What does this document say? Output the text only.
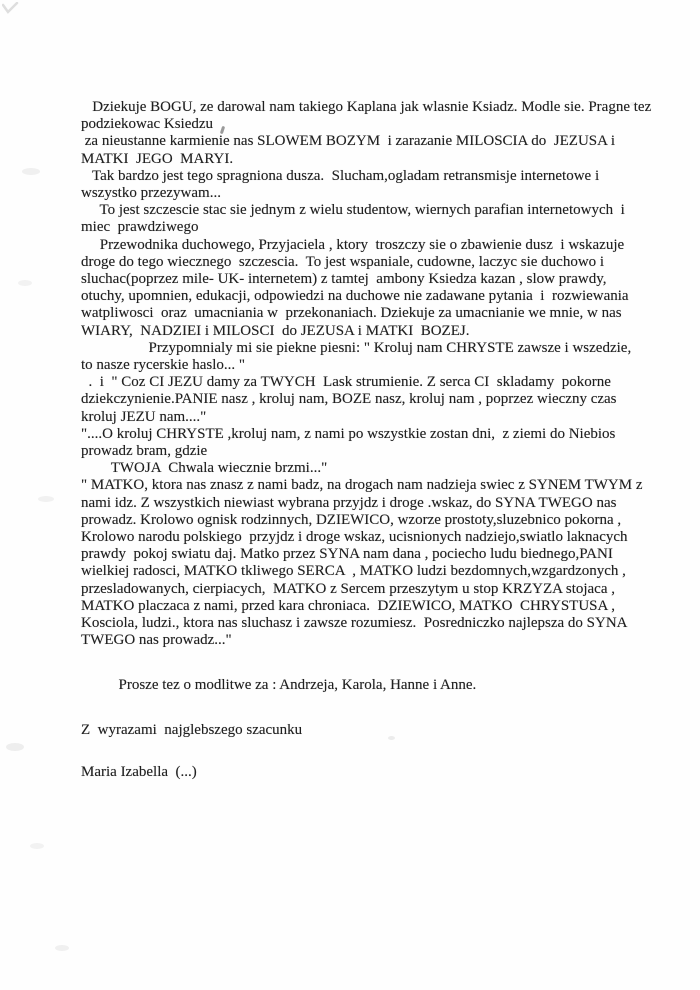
Dziekuje BOGU, ze darowal nam takiego Kaplana jak wlasnie Ksiadz. Modle sie. Pragne tez
podziekowac Ksiedzu
za nieustanne karmienie nas SLOWEM BOZYM  i zarazanie MILOSCIA do  JEZUSA i
MATKI  JEGO  MARYI.
Tak bardzo jest tego spragniona dusza.  Slucham,ogladam retransmisje internetowe i
wszystko przezywam...
To jest szczescie stac sie jednym z wielu studentow, wiernych parafian internetowych  i
miec  prawdziwego
Przewodnika duchowego, Przyjaciela , ktory  troszczy sie o zbawienie dusz  i wskazuje
droge do tego wiecznego  szczescia.  To jest wspaniale, cudowne, laczyc sie duchowo i
sluchac(poprzez mile- UK- internetem) z tamtej  ambony Ksiedza kazan , slow prawdy,
otuchy, upomnien, edukacji, odpowiedzi na duchowe nie zadawane pytania  i  rozwiewania
watpliwosci  oraz  umacniania w  przekonaniach. Dziekuje za umacnianie we mnie, w nas
WIARY,  NADZIEI i MILOSCI  do JEZUSA i MATKI  BOZEJ.
Przypomnialy mi sie piekne piesni: " Kroluj nam CHRYSTE zawsze i wszedzie,
to nasze rycerskie haslo... "
.  i  " Coz CI JEZU damy za TWYCH  Lask strumienie. Z serca CI  skladamy  pokorne
dziekczynienie.PANIE nasz , kroluj nam, BOZE nasz, kroluj nam , poprzez wieczny czas
kroluj JEZU nam...."
"....O kroluj CHRYSTE ,kroluj nam, z nami po wszystkie zostan dni,  z ziemi do Niebios
prowadz bram, gdzie
TWOJA  Chwala wiecznie brzmi..."
" MATKO, ktora nas znasz z nami badz, na drogach nam nadzieja swiec z SYNEM TWYM z
nami idz. Z wszystkich niewiast wybrana przyjdz i droge .wskaz, do SYNA TWEGO nas
prowadz. Krolowo ognisk rodzinnych, DZIEWICO, wzorze prostoty,sluzebnico pokorna ,
Krolowo narodu polskiego  przyjdz i droge wskaz, ucisnionych nadziejo,swiatlo laknacych
prawdy  pokoj swiatu daj. Matko przez SYNA nam dana , pociecho ludu biednego,PANI
wielkiej radosci, MATKO tkliwego SERCA  , MATKO ludzi bezdomnych,wzgardzonych ,
przesladowanych, cierpiacych,  MATKO z Sercem przeszytym u stop KRZYZA stojaca ,
MATKO placzaca z nami, przed kara chroniaca.  DZIEWICO, MATKO  CHRYSTUSA ,
Kosciola, ludzi., ktora nas sluchasz i zawsze rozumiesz.  Posredniczko najlepsza do SYNA
TWEGO nas prowadz..."
Prosze tez o modlitwe za : Andrzeja, Karola, Hanne i Anne.
Z  wyrazami  najglebszego szacunku
Maria Izabella  (...)
